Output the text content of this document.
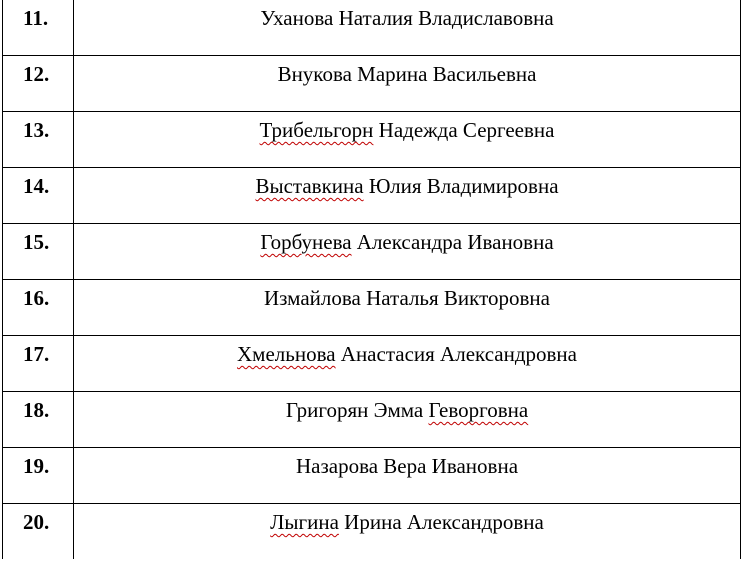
11.	Уханова Наталия Владиславовна

12.	Внукова Марина Васильевна

13.	Трибельгорн Надежда Сергеевна

14.	Выставкина Юлия Владимировна

15.	Горбунева Александра Ивановна

16.	Измайлова Наталья Викторовна

17.	Хмельнова Анастасия Александровна

18.	Григорян Эмма Геворговна

19.	Назарова Вера Ивановна

20.	Лыгина Ирина Александровна
